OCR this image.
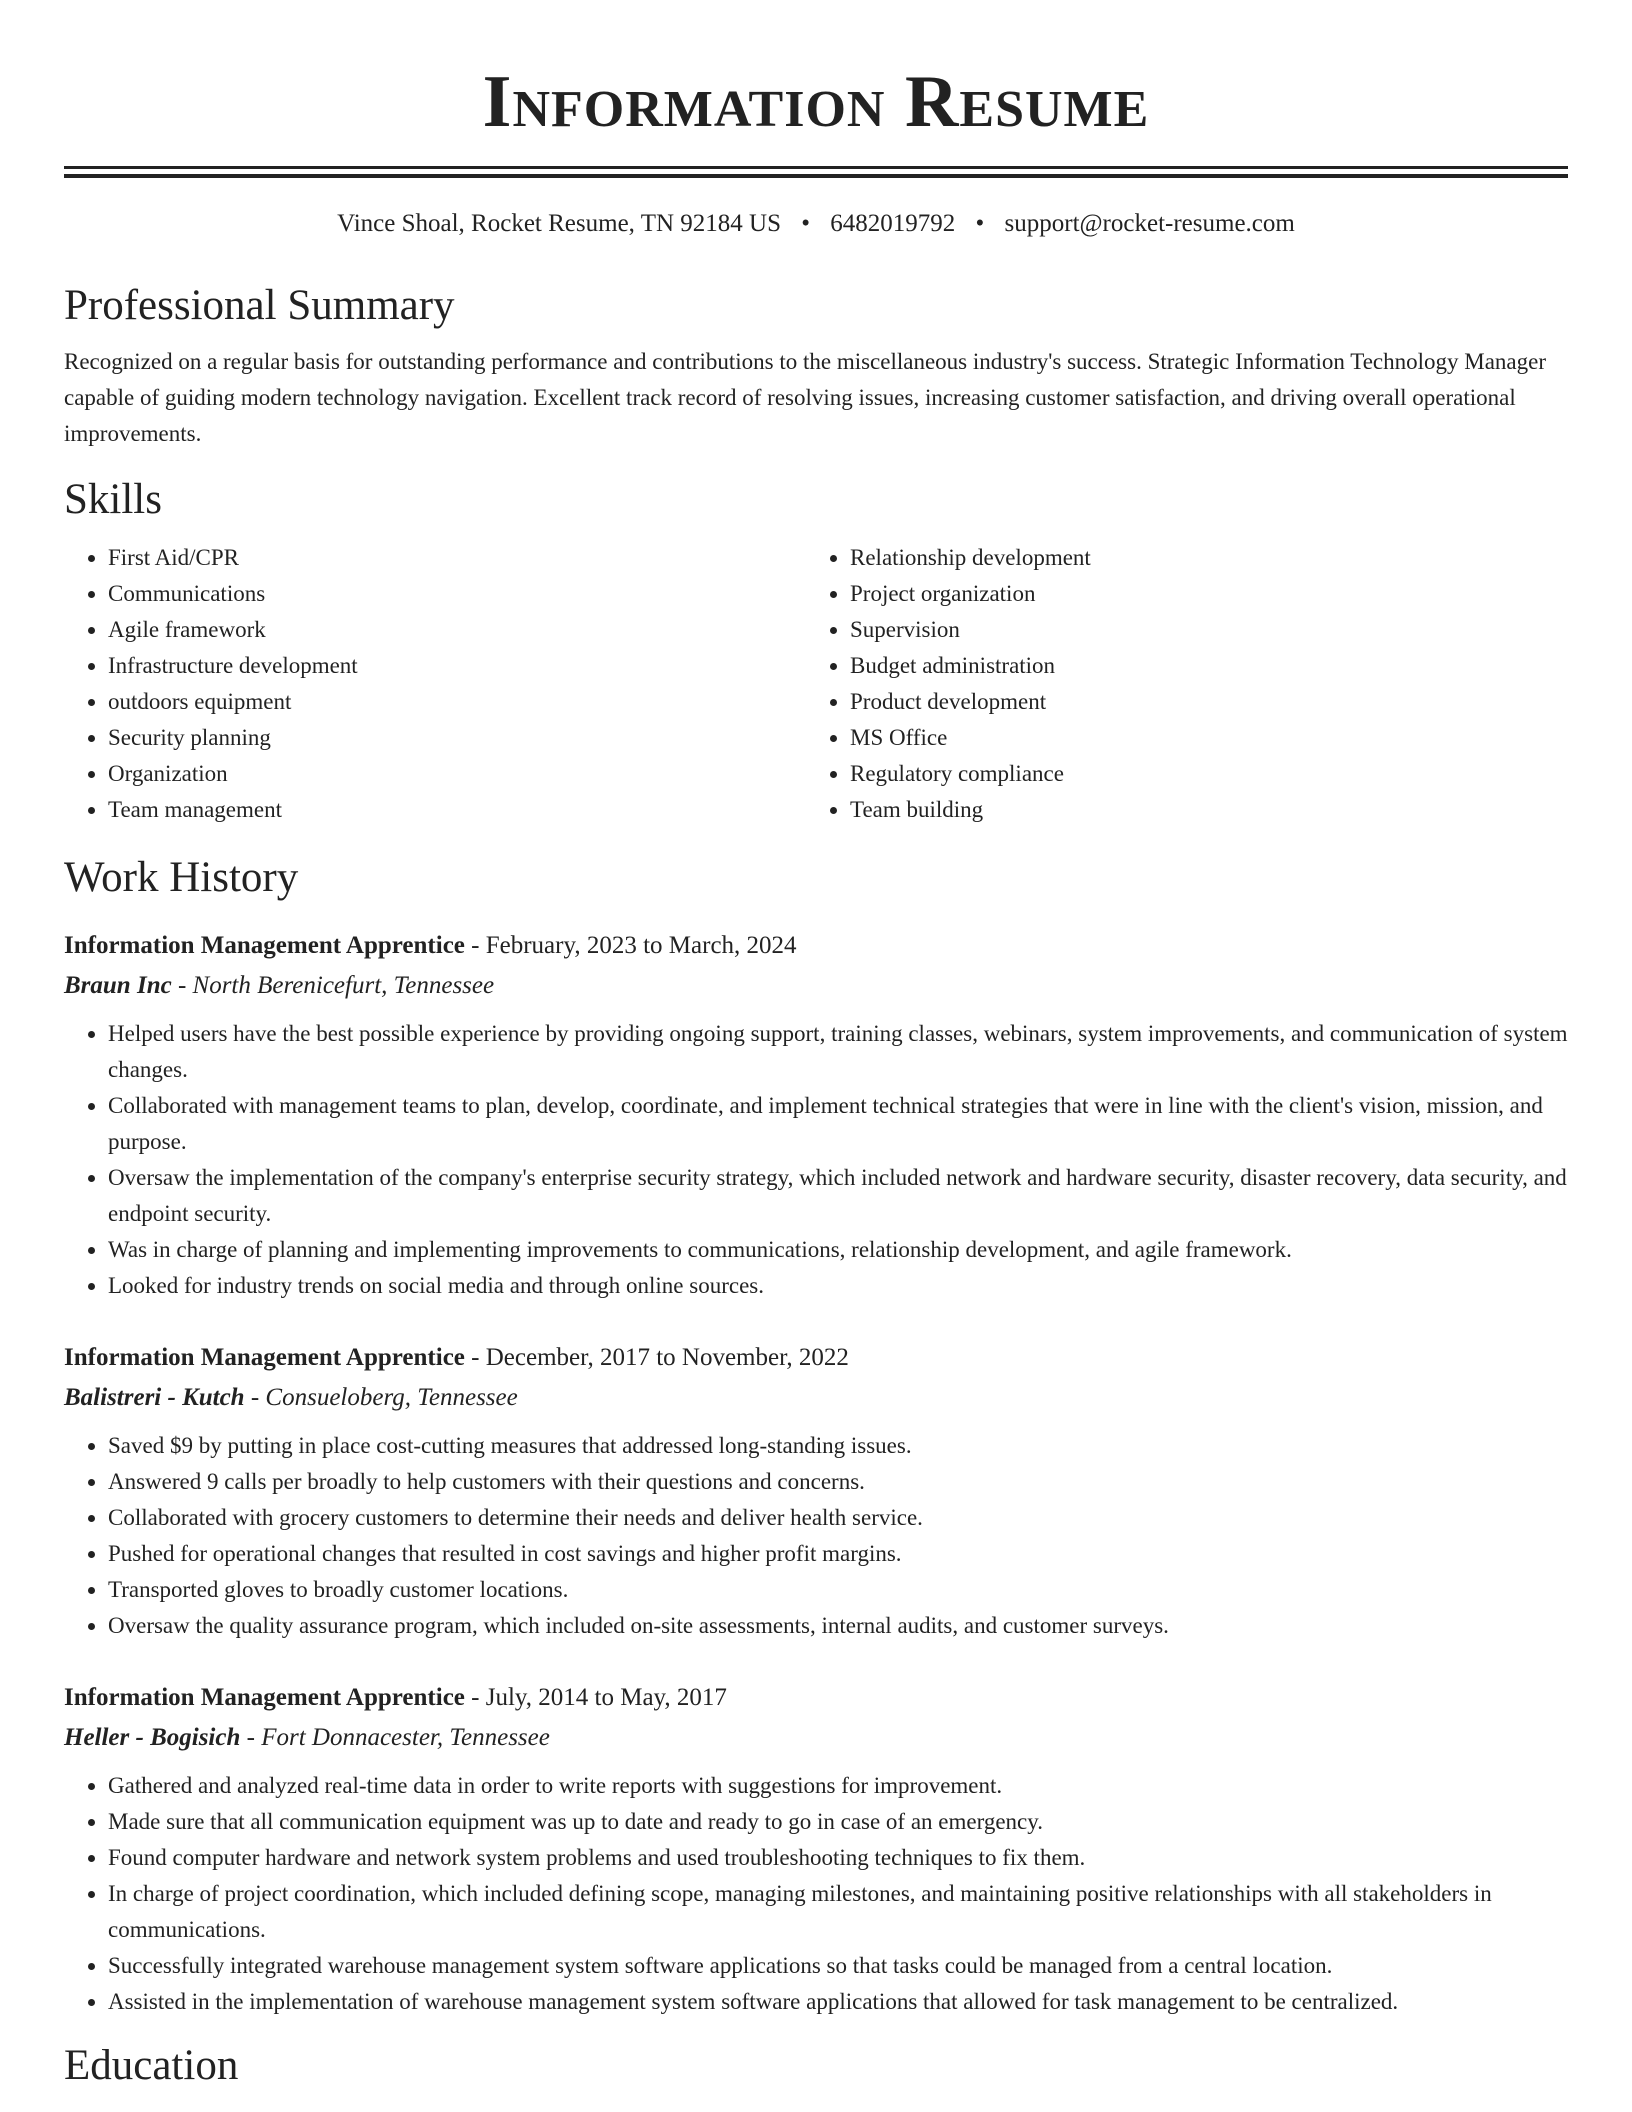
Information Resume
Vince Shoal, Rocket Resume, TN 92184 US • 6482019792 • support@rocket-resume.com
Professional Summary
Recognized on a regular basis for outstanding performance and contributions to the miscellaneous industry's success. Strategic Information Technology Manager capable of guiding modern technology navigation. Excellent track record of resolving issues, increasing customer satisfaction, and driving overall operational improvements.
Skills
• First Aid/CPR
• Communications
• Agile framework
• Infrastructure development
• outdoors equipment
• Security planning
• Organization
• Team management
• Relationship development
• Project organization
• Supervision
• Budget administration
• Product development
• MS Office
• Regulatory compliance
• Team building
Work History
Information Management Apprentice - February, 2023 to March, 2024
Braun Inc - North Berenicefurt, Tennessee
• Helped users have the best possible experience by providing ongoing support, training classes, webinars, system improvements, and communication of system changes.
• Collaborated with management teams to plan, develop, coordinate, and implement technical strategies that were in line with the client's vision, mission, and purpose.
• Oversaw the implementation of the company's enterprise security strategy, which included network and hardware security, disaster recovery, data security, and endpoint security.
• Was in charge of planning and implementing improvements to communications, relationship development, and agile framework.
• Looked for industry trends on social media and through online sources.
Information Management Apprentice - December, 2017 to November, 2022
Balistreri - Kutch - Consueloberg, Tennessee
• Saved $9 by putting in place cost-cutting measures that addressed long-standing issues.
• Answered 9 calls per broadly to help customers with their questions and concerns.
• Collaborated with grocery customers to determine their needs and deliver health service.
• Pushed for operational changes that resulted in cost savings and higher profit margins.
• Transported gloves to broadly customer locations.
• Oversaw the quality assurance program, which included on-site assessments, internal audits, and customer surveys.
Information Management Apprentice - July, 2014 to May, 2017
Heller - Bogisich - Fort Donnacester, Tennessee
• Gathered and analyzed real-time data in order to write reports with suggestions for improvement.
• Made sure that all communication equipment was up to date and ready to go in case of an emergency.
• Found computer hardware and network system problems and used troubleshooting techniques to fix them.
• In charge of project coordination, which included defining scope, managing milestones, and maintaining positive relationships with all stakeholders in communications.
• Successfully integrated warehouse management system software applications so that tasks could be managed from a central location.
• Assisted in the implementation of warehouse management system software applications that allowed for task management to be centralized.
Education
